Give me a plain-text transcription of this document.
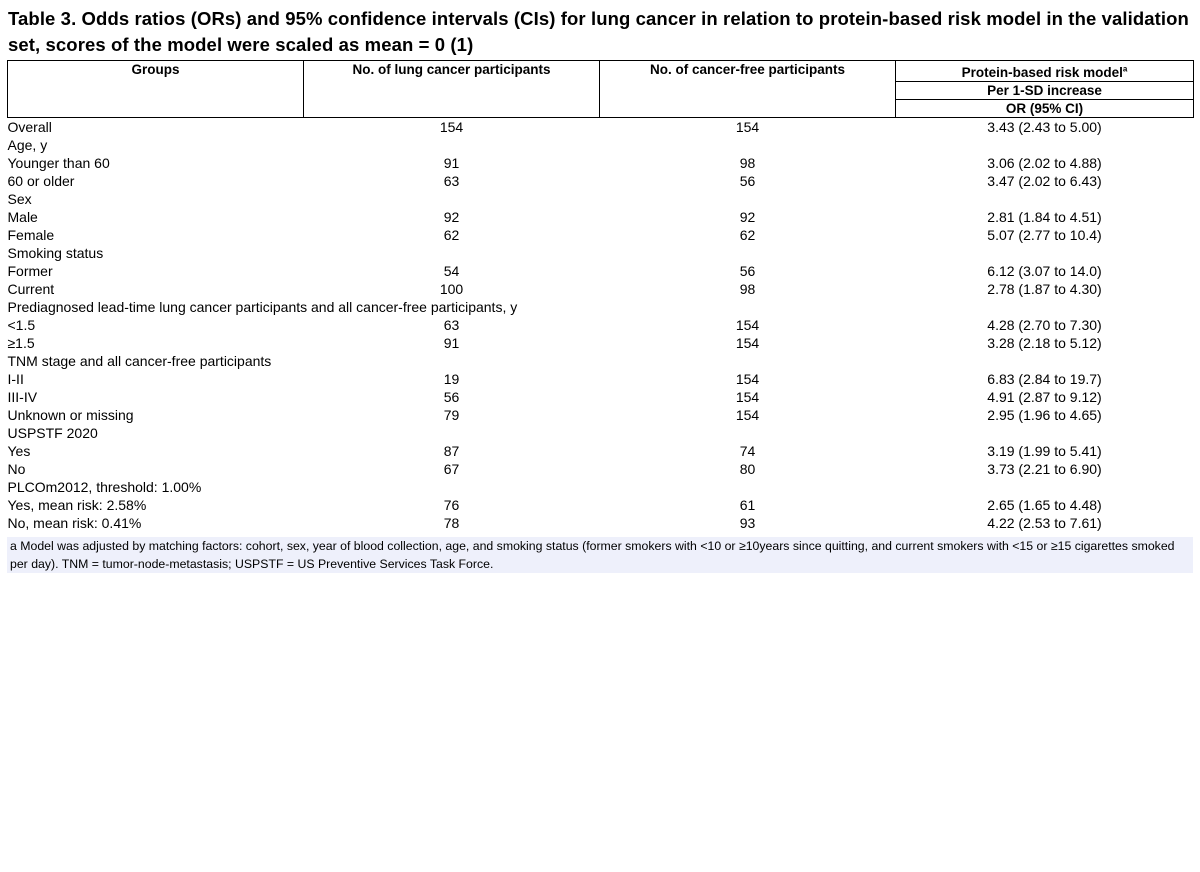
Table 3. Odds ratios (ORs) and 95% confidence intervals (CIs) for lung cancer in relation to protein-based risk model in the validation set, scores of the model were scaled as mean = 0 (1)
Groups	No. of lung cancer participants	No. of cancer-free participants	Protein-based risk model$^a$
			Per 1-SD increase
			OR (95% CI)
Overall	154	154	3.43 (2.43 to 5.00)
Age, y			
Younger than 60	91	98	3.06 (2.02 to 4.88)
60 or older	63	56	3.47 (2.02 to 6.43)
Sex			
Male	92	92	2.81 (1.84 to 4.51)
Female	62	62	5.07 (2.77 to 10.4)
Smoking status			
Former	54	56	6.12 (3.07 to 14.0)
Current	100	98	2.78 (1.87 to 4.30)
Prediagnosed lead-time lung cancer participants and all cancer-free participants, y			
<1.5	63	154	4.28 (2.70 to 7.30)
≥1.5	91	154	3.28 (2.18 to 5.12)
TNM stage and all cancer-free participants			
I-II	19	154	6.83 (2.84 to 19.7)
III-IV	56	154	4.91 (2.87 to 9.12)
Unknown or missing	79	154	2.95 (1.96 to 4.65)
USPSTF 2020			
Yes	87	74	3.19 (1.99 to 5.41)
No	67	80	3.73 (2.21 to 6.90)
PLCOm2012, threshold: 1.00%			
Yes, mean risk: 2.58%	76	61	2.65 (1.65 to 4.48)
No, mean risk: 0.41%	78	93	4.22 (2.53 to 7.61)
a Model was adjusted by matching factors: cohort, sex, year of blood collection, age, and smoking status (former smokers with <10 or ≥10years since quitting, and current smokers with <15 or ≥15 cigarettes smoked per day). TNM = tumor-node-metastasis; USPSTF = US Preventive Services Task Force.
